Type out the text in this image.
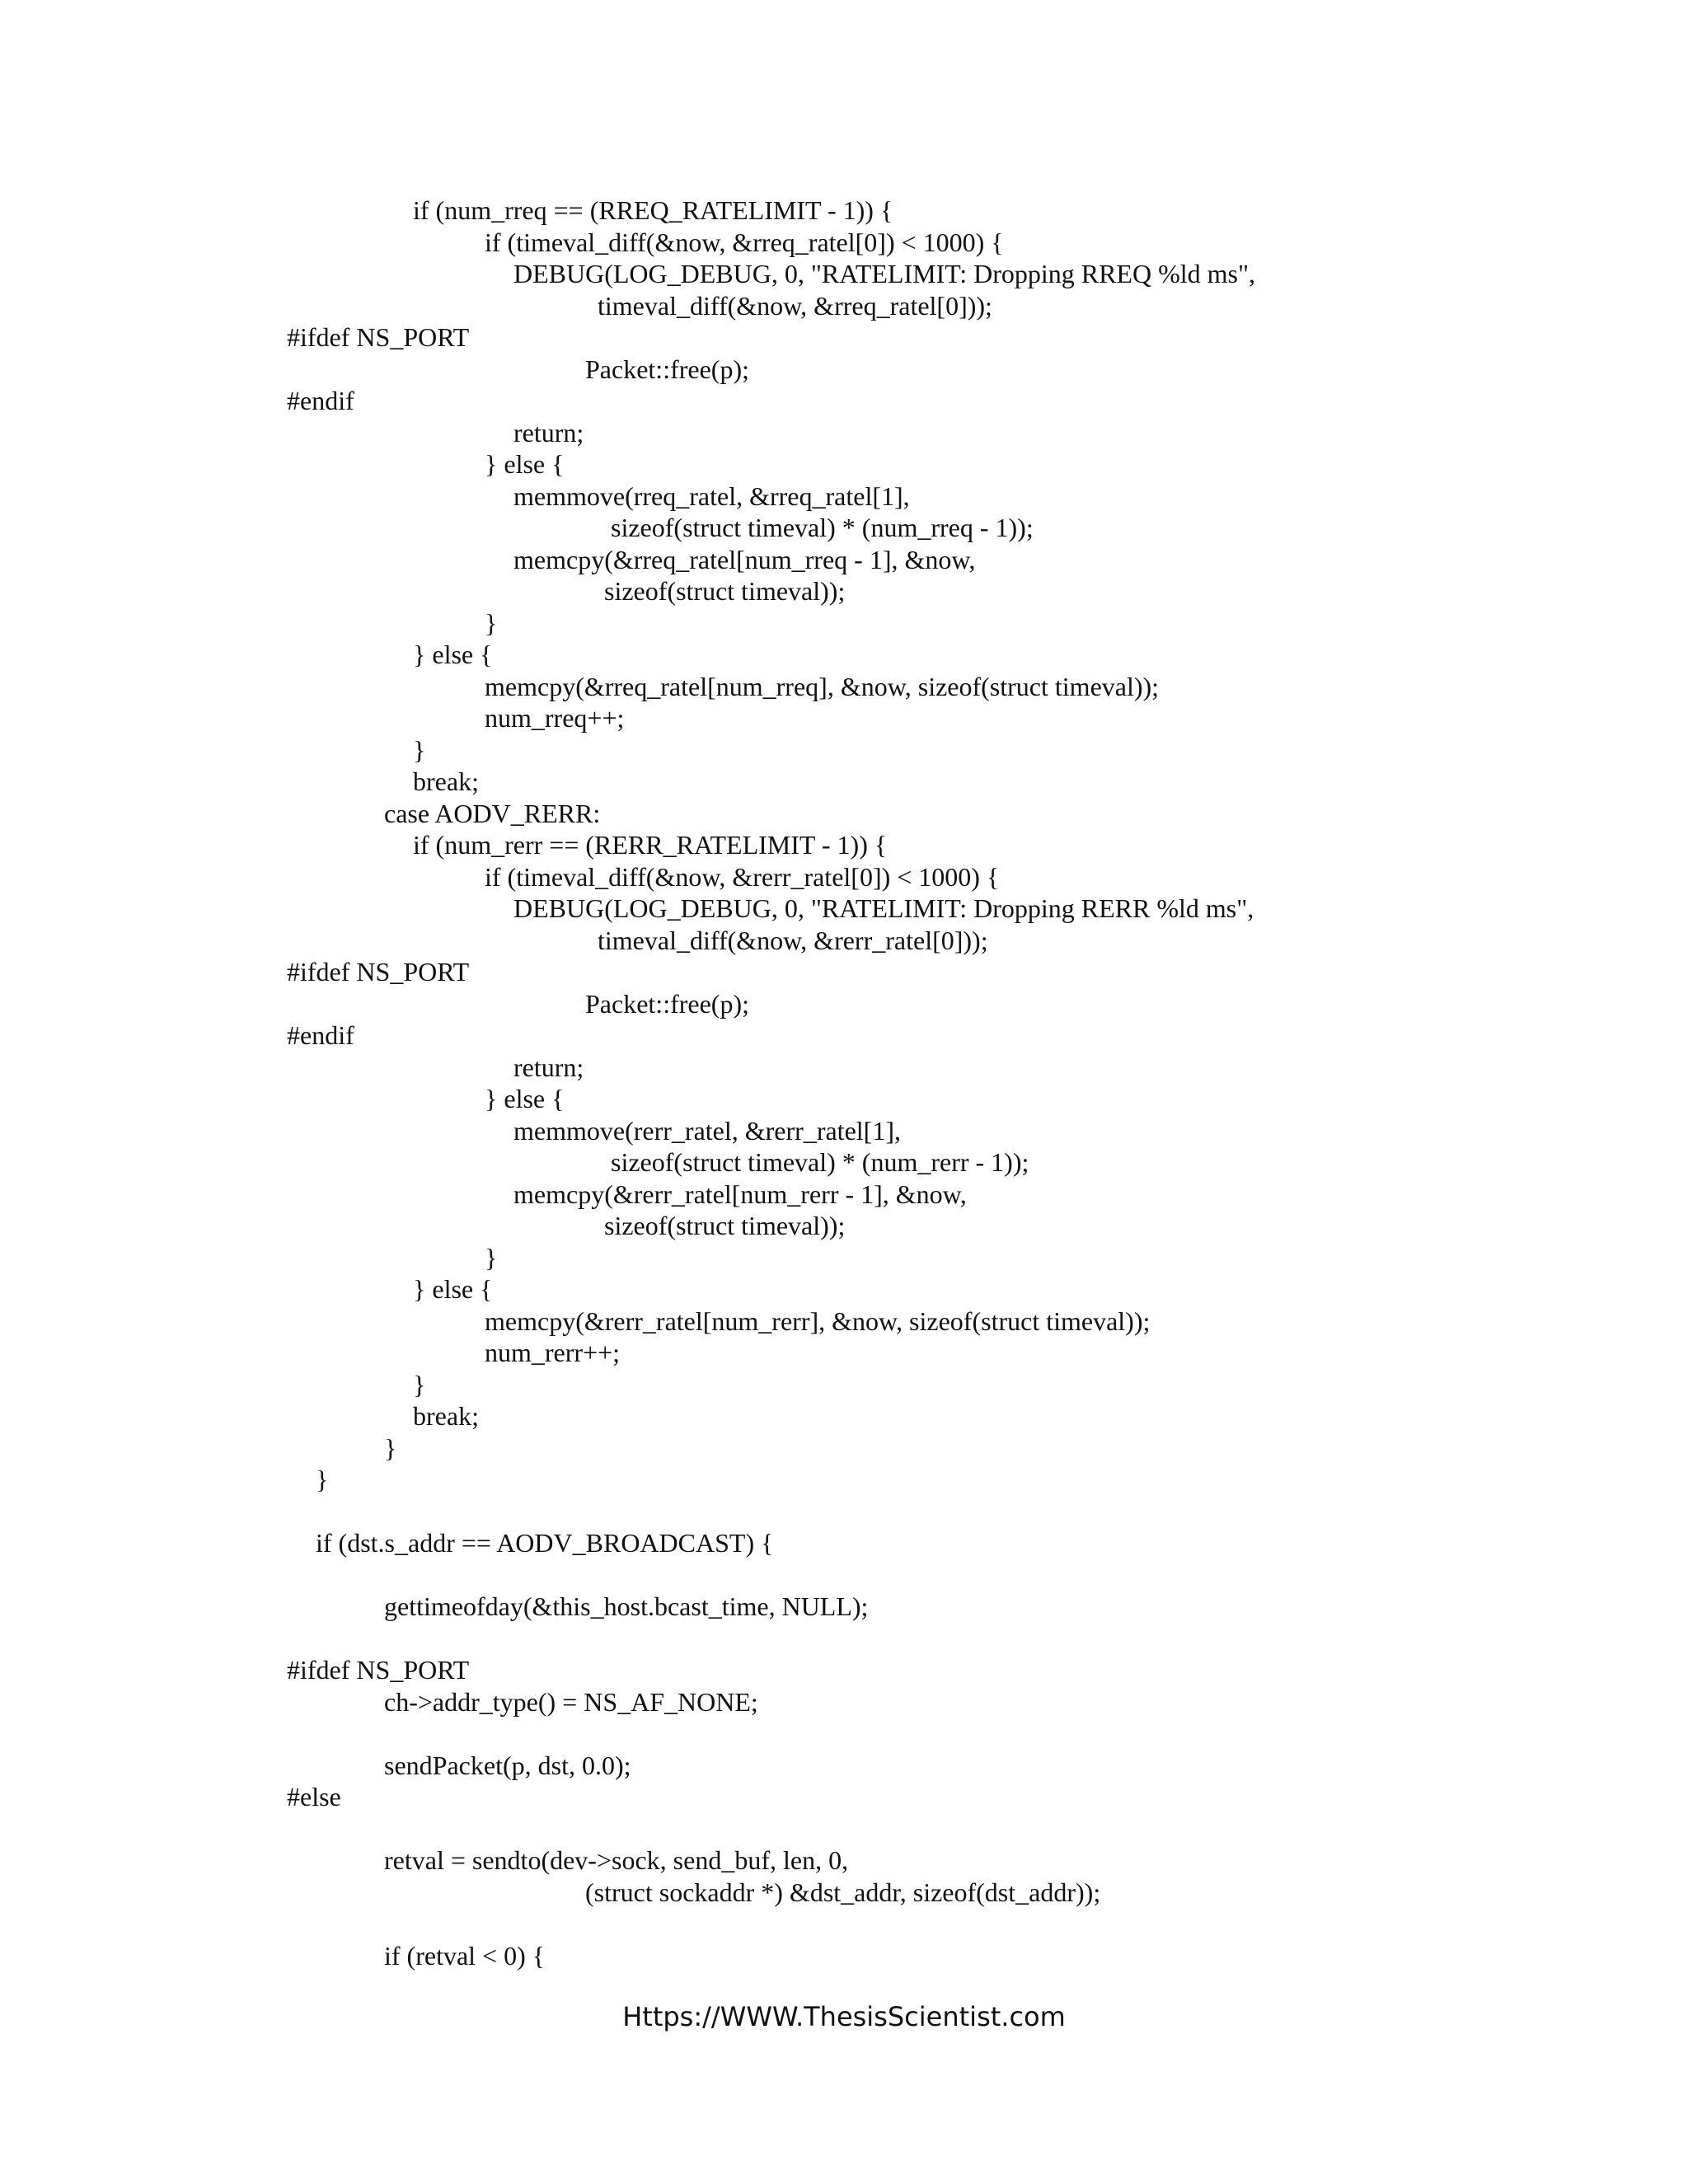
if (num_rreq == (RREQ_RATELIMIT - 1)) {
if (timeval_diff(&now, &rreq_ratel[0]) < 1000) {
DEBUG(LOG_DEBUG, 0, "RATELIMIT: Dropping RREQ %ld ms",
timeval_diff(&now, &rreq_ratel[0]));
#ifdef NS_PORT
Packet::free(p);
#endif
return;
} else {
memmove(rreq_ratel, &rreq_ratel[1],
sizeof(struct timeval) * (num_rreq - 1));
memcpy(&rreq_ratel[num_rreq - 1], &now,
sizeof(struct timeval));
}
} else {
memcpy(&rreq_ratel[num_rreq], &now, sizeof(struct timeval));
num_rreq++;
}
break;
case AODV_RERR:
if (num_rerr == (RERR_RATELIMIT - 1)) {
if (timeval_diff(&now, &rerr_ratel[0]) < 1000) {
DEBUG(LOG_DEBUG, 0, "RATELIMIT: Dropping RERR %ld ms",
timeval_diff(&now, &rerr_ratel[0]));
#ifdef NS_PORT
Packet::free(p);
#endif
return;
} else {
memmove(rerr_ratel, &rerr_ratel[1],
sizeof(struct timeval) * (num_rerr - 1));
memcpy(&rerr_ratel[num_rerr - 1], &now,
sizeof(struct timeval));
}
} else {
memcpy(&rerr_ratel[num_rerr], &now, sizeof(struct timeval));
num_rerr++;
}
break;
}
}
if (dst.s_addr == AODV_BROADCAST) {
gettimeofday(&this_host.bcast_time, NULL);
#ifdef NS_PORT
ch->addr_type() = NS_AF_NONE;
sendPacket(p, dst, 0.0);
#else
retval = sendto(dev->sock, send_buf, len, 0,
(struct sockaddr *) &dst_addr, sizeof(dst_addr));
if (retval < 0) {
Https://WWW.ThesisScientist.com
